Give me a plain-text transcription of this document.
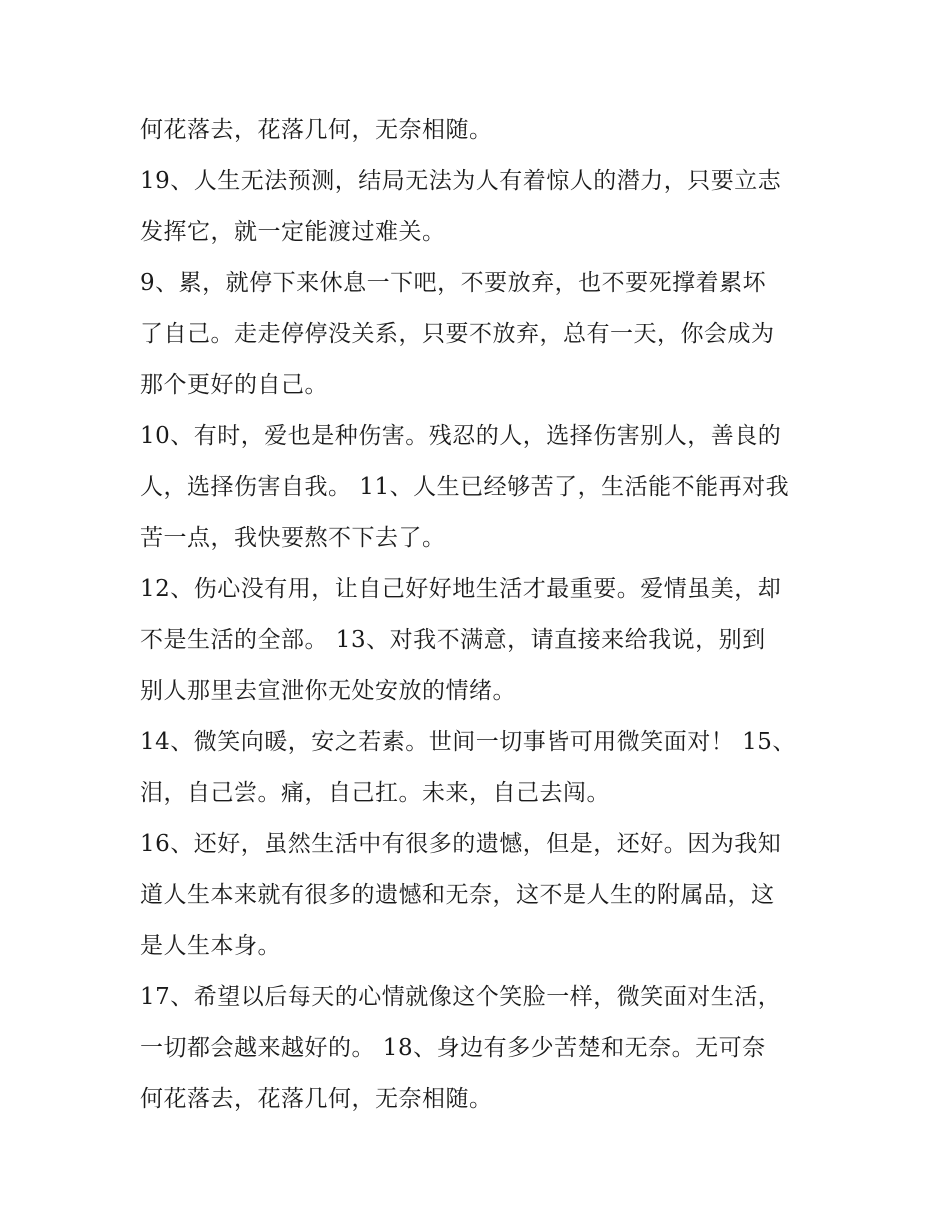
何花落去，花落几何，无奈相随。
19、人生无法预测，结局无法为人有着惊人的潜力，只要立志
发挥它，就一定能渡过难关。
9、累，就停下来休息一下吧，不要放弃，也不要死撑着累坏
了自己。走走停停没关系，只要不放弃，总有一天，你会成为
那个更好的自己。
10、有时，爱也是种伤害。残忍的人，选择伤害别人，善良的
人，选择伤害自我。 11、人生已经够苦了，生活能不能再对我
苦一点，我快要熬不下去了。
12、伤心没有用，让自己好好地生活才最重要。爱情虽美，却
不是生活的全部。 13、对我不满意，请直接来给我说，别到
别人那里去宣泄你无处安放的情绪。
14、微笑向暖，安之若素。世间一切事皆可用微笑面对！ 15、
泪，自己尝。痛，自己扛。未来，自己去闯。
16、还好，虽然生活中有很多的遗憾，但是，还好。因为我知
道人生本来就有很多的遗憾和无奈，这不是人生的附属品，这
是人生本身。
17、希望以后每天的心情就像这个笑脸一样，微笑面对生活，
一切都会越来越好的。 18、身边有多少苦楚和无奈。无可奈
何花落去，花落几何，无奈相随。
